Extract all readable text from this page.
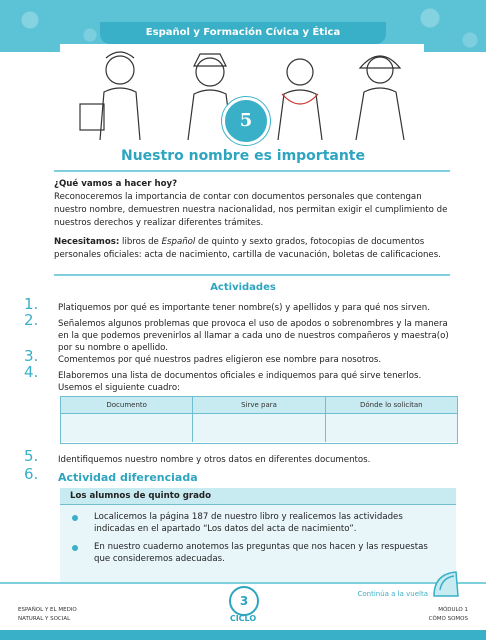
Español y Formación Cívica y Ética
5
Nuestro nombre es importante

¿Qué vamos a hacer hoy?

Reconoceremos la importancia de contar con documentos personales que contengan nuestro nombre, demuestren nuestra nacionalidad, nos permitan exigir el cumplimiento de nuestros derechos y realizar diferentes trámites.

Necesitamos: libros de Español de quinto y sexto grados, fotocopias de documentos personales oficiales: acta de nacimiento, cartilla de vacunación, boletas de calificaciones.
Actividades
1. Platiquemos por qué es importante tener nombre(s) y apellidos y para qué nos sirven.
2. Señalemos algunos problemas que provoca el uso de apodos o sobrenombres y la manera en la que podemos prevenirlos al llamar a cada uno de nuestros compañeros y maestra(o) por su nombre o apellido.
3. Comentemos por qué nuestros padres eligieron ese nombre para nosotros.
4. Elaboremos una lista de documentos oficiales e indiquemos para qué sirve tenerlos. Usemos el siguiente cuadro:
Documento	Sirve para	Dónde lo solicitan
5. Identifiquemos nuestro nombre y otros datos en diferentes documentos.
6. Actividad diferenciada
Los alumnos de quinto grado
Localicemos la página 187 de nuestro libro y realicemos las actividades indicadas en el apartado “Los datos del acta de nacimiento”.
En nuestro cuaderno anotemos las preguntas que nos hacen y las respuestas que consideremos adecuadas.
Continúa a la vuelta
ESPAÑOL Y EL MEDIO
NATURAL Y SOCIAL
3
CICLO
MÓDULO 1
CÓMO SOMOS
